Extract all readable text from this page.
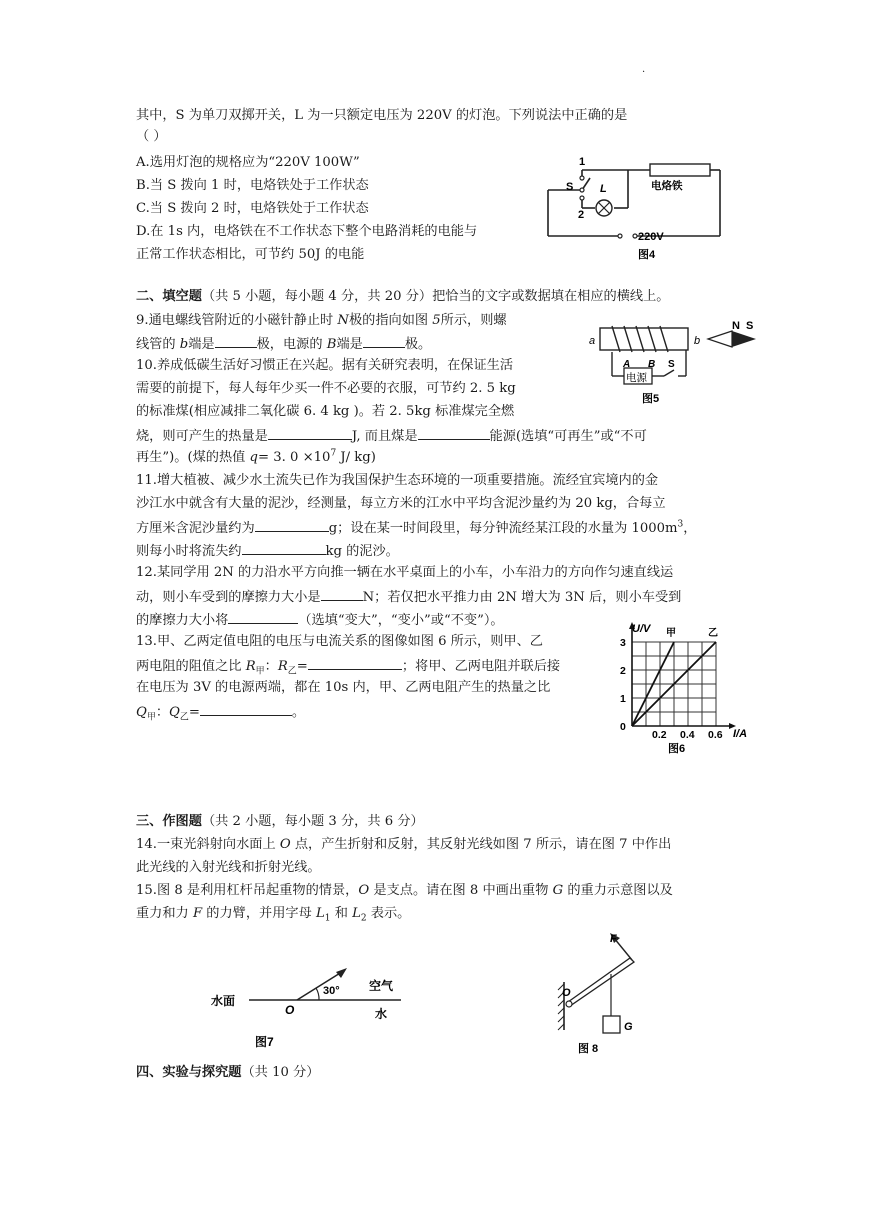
.
其中，S 为单刀双掷开关，L 为一只额定电压为 220V 的灯泡。下列说法中正确的是
（ ）
A.选用灯泡的规格应为“220V 100W”
B.当 S 拨向 1 时，电烙铁处于工作状态
C.当 S 拨向 2 时，电烙铁处于工作状态
D.在 1s 内，电烙铁在不工作状态下整个电路消耗的电能与
正常工作状态相比，可节约 50J 的电能
1
S
2
L	电烙铁
220V
图4
二、填空题（共 5 小题，每小题 4 分，共 20 分）把恰当的文字或数据填在相应的横线上。
9.通电螺线管附近的小磁针静止时 N极的指向如图 5所示，则螺
线管的 b端是	极，电源的 B端是	极。
电源
a	b
A B S
图5
N S
10.养成低碳生活好习惯正在兴起。据有关研究表明，在保证生活
需要的前提下，每人每年少买一件不必要的衣服，可节约 2. 5 kg
的标准煤(相应减排二氧化碳 6. 4 kg )。若 2. 5kg 标准煤完全燃
烧，则可产生的热量是	J, 而且煤是	能源(选填“可再生”或“不可
再生”)。(煤的热值 q= 3. $0 \times 10^7$ J/ kg)
11.增大植被、减少水土流失已作为我国保护生态环境的一项重要措施。流经宜宾境内的金
沙江水中就含有大量的泥沙，经测量，每立方米的江水中平均含泥沙量约为 20 kg，合每立
方厘米含泥沙量约为	g；设在某一时间段里，每分钟流经某江段的水量为 $1000m^3$，
则每小时将流失约	kg 的泥沙。
12.某同学用 2N 的力沿水平方向推一辆在水平桌面上的小车，小车沿力的方向作匀速直线运
动，则小车受到的摩擦力大小是	N；若仅把水平推力由 2N 增大为 3N 后，则小车受到
的摩擦力大小将	（选填“变大”，“变小”或“不变”）。
13.甲、乙两定值电阻的电压与电流关系的图像如图 6 所示，则甲、乙
两电阻的阻值之比 $R_甲$：$R_乙=$	；将甲、乙两电阻并联后接
在电压为 3V 的电源两端，都在 10s 内，甲、乙两电阻产生的热量之比
$Q_甲$：$Q_乙=$	。
0
1
2
3
0.2 0.4 0.6
U/V
I/A
甲	乙
图6
三、作图题（共 2 小题，每小题 3 分，共 6 分）
14.一束光斜射向水面上 O 点，产生折射和反射，其反射光线如图 7 所示，请在图 7 中作出
此光线的入射光线和折射光线。
15.图 8 是利用杠杆吊起重物的情景，O 是支点。请在图 8 中画出重物 G 的重力示意图以及
重力和力 F 的力臂，并用字母 $L_1$ 和 $L_2$ 表示。
水面
O
30° 空气
水
图7
F
O
G
图 8
四、实验与探究题（共 10 分）
